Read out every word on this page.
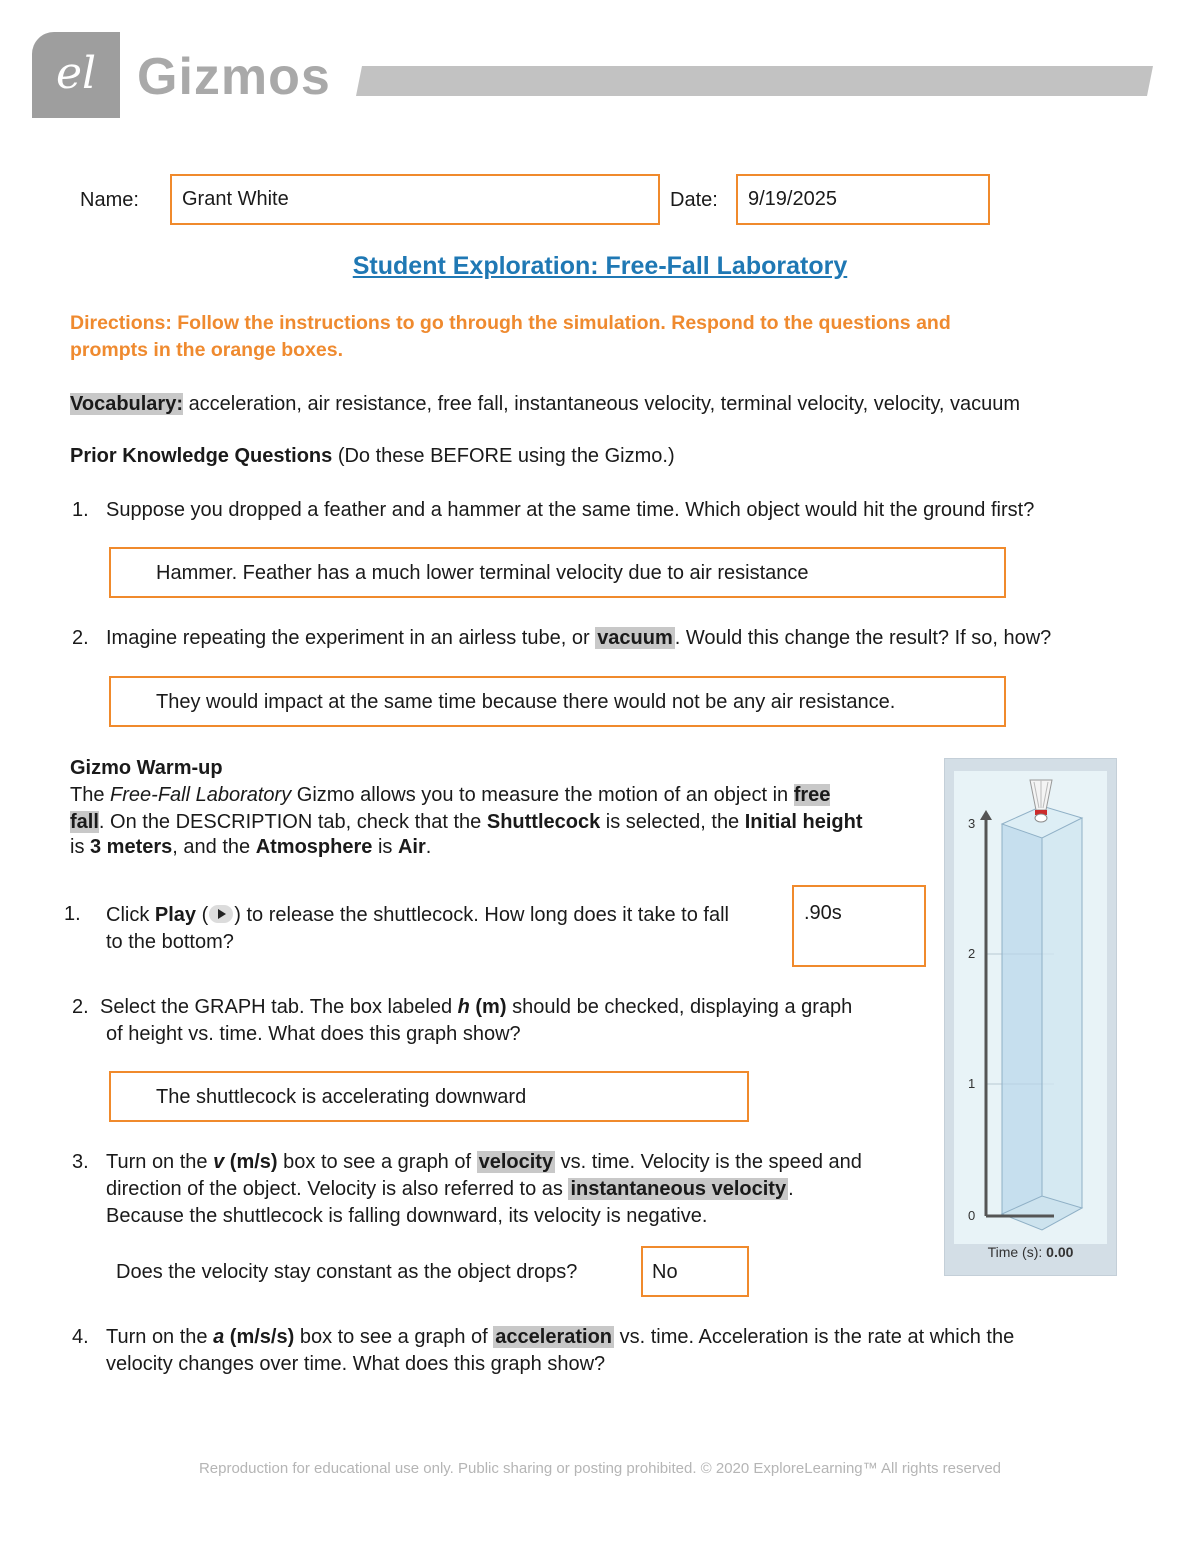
el Gizmos
Name:	Grant White	Date:	9/19/2025
Student Exploration: Free-Fall Laboratory
Directions: Follow the instructions to go through the simulation. Respond to the questions and
prompts in the orange boxes.
Vocabulary: acceleration, air resistance, free fall, instantaneous velocity, terminal velocity, velocity, vacuum
Prior Knowledge Questions (Do these BEFORE using the Gizmo.)
1. Suppose you dropped a feather and a hammer at the same time. Which object would hit the ground first?
Hammer. Feather has a much lower terminal velocity due to air resistance
2. Imagine repeating the experiment in an airless tube, or vacuum . Would this change the result? If so, how?
They would impact at the same time because there would not be any air resistance.
Gizmo Warm-up
The Free-Fall Laboratory Gizmo allows you to measure the motion of an object in free
fall. On the DESCRIPTION tab, check that the Shuttlecock is selected, the Initial height
is 3 meters, and the Atmosphere is Air.
1. Click Play ( ) to release the shuttlecock. How long does it take to fall
to the bottom?
.90s
2. Select the GRAPH tab. The box labeled h (m) should be checked, displaying a graph
of height vs. time. What does this graph show?
The shuttlecock is accelerating downward
3. Turn on the v (m/s) box to see a graph of velocity vs. time. Velocity is the speed and
direction of the object. Velocity is also referred to as instantaneous velocity .
Because the shuttlecock is falling downward, its velocity is negative.
Does the velocity stay constant as the object drops?	No
4. Turn on the a (m/s/s) box to see a graph of acceleration vs. time. Acceleration is the rate at which the
velocity changes over time. What does this graph show?
3
2
1
0
Time (s): 0.00
Reproduction for educational use only. Public sharing or posting prohibited. © 2020 ExploreLearning™ All rights reserved
